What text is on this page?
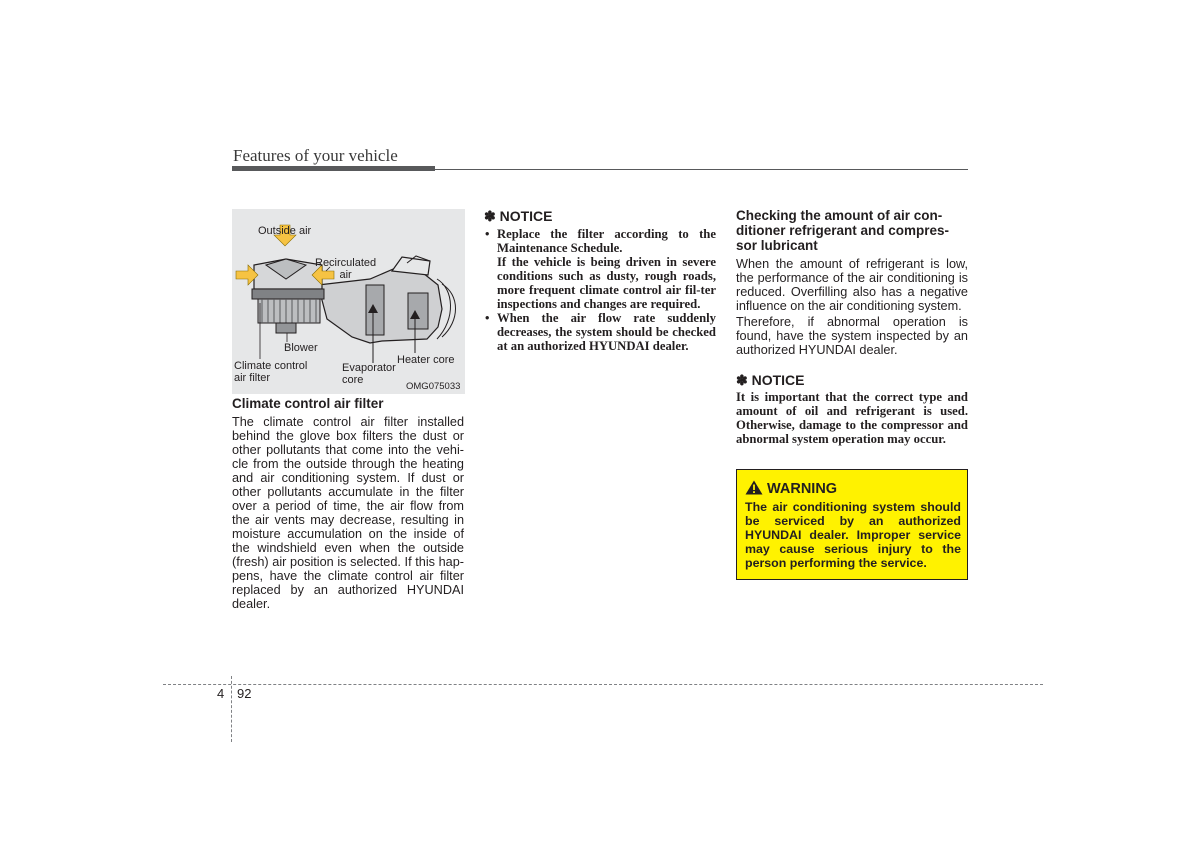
Features of your vehicle
Outside air
Recirculated
air
Blower
Climate control
air filter
Evaporator
core
Heater core
OMG075033
Climate control air filter
The climate control air filter installed behind the glove box filters the dust or other pollutants that come into the vehi-cle from the outside through the heating and air conditioning system. If dust or other pollutants accumulate in the filter over a period of time, the air flow from the air vents may decrease, resulting in moisture accumulation on the inside of the windshield even when the outside (fresh) air position is selected. If this hap-pens, have the climate control air filter replaced by an authorized HYUNDAI dealer.
✽ NOTICE
• Replace the filter according to the Maintenance Schedule.
If the vehicle is being driven in severe conditions such as dusty, rough roads, more frequent climate control air fil-ter inspections and changes are required.
• When the air flow rate suddenly decreases, the system should be checked at an authorized HYUNDAI dealer.
Checking the amount of air con-ditioner refrigerant and compres-sor lubricant
When the amount of refrigerant is low, the performance of the air conditioning is reduced. Overfilling also has a negative influence on the air conditioning system.
Therefore, if abnormal operation is found, have the system inspected by an authorized HYUNDAI dealer.
✽ NOTICE
It is important that the correct type and amount of oil and refrigerant is used. Otherwise, damage to the compressor and abnormal system operation may occur.
WARNING
The air conditioning system should be serviced by an authorized HYUNDAI dealer. Improper service may cause serious injury to the person performing the service.
4 92
